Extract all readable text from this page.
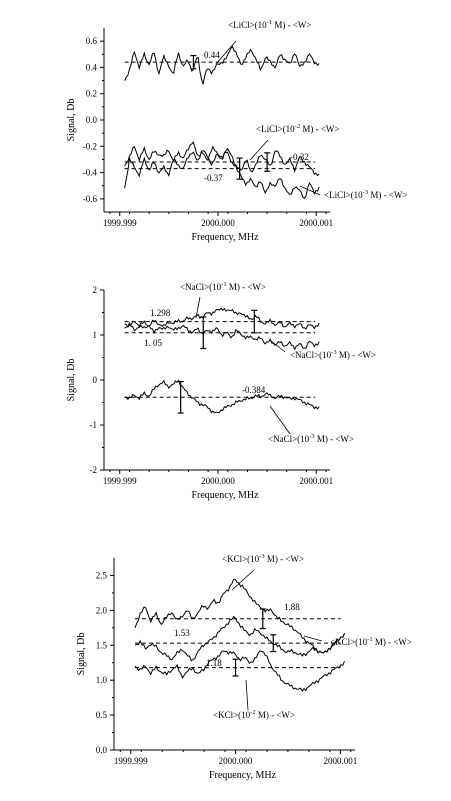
0.6
0.4
0.2
0.0
-0.2
-0.4
-0.6
1999.999	2000.000	2000.001
Frequency, MHz
Signal, Db
0.44
$<LiCl>(10^{-1}$ M) - <W>
-0.32
$<LiCl>(10^{-2}$ M) - <W>
-0.37
$<LiCl>(10^{-3}$ M) - <W>
2
1
0
-1
-2
1999.999	2000.000	2000.001
Frequency, MHz
Signal, Db
1.298
$<NaCl>(10^{-1}$ M) - <W>
1. 05
$<NaCl>(10^{-3}$ M) - <W>
-0.384
$<NaCl>(10^{-3}$ M) - <W>
2.5
2.0
1.5
1.0
0.5
0.0
1999.999	2000.000	2000.001
Frequency, MHz
Signal, Db
1.88
$<KCl>(10^{-3}$ M) - <W>
1.53
$<KCl>(10^{-1}$ M) - <W>
1.18
$<KCl>(10^{-2}$ M) - <W>
